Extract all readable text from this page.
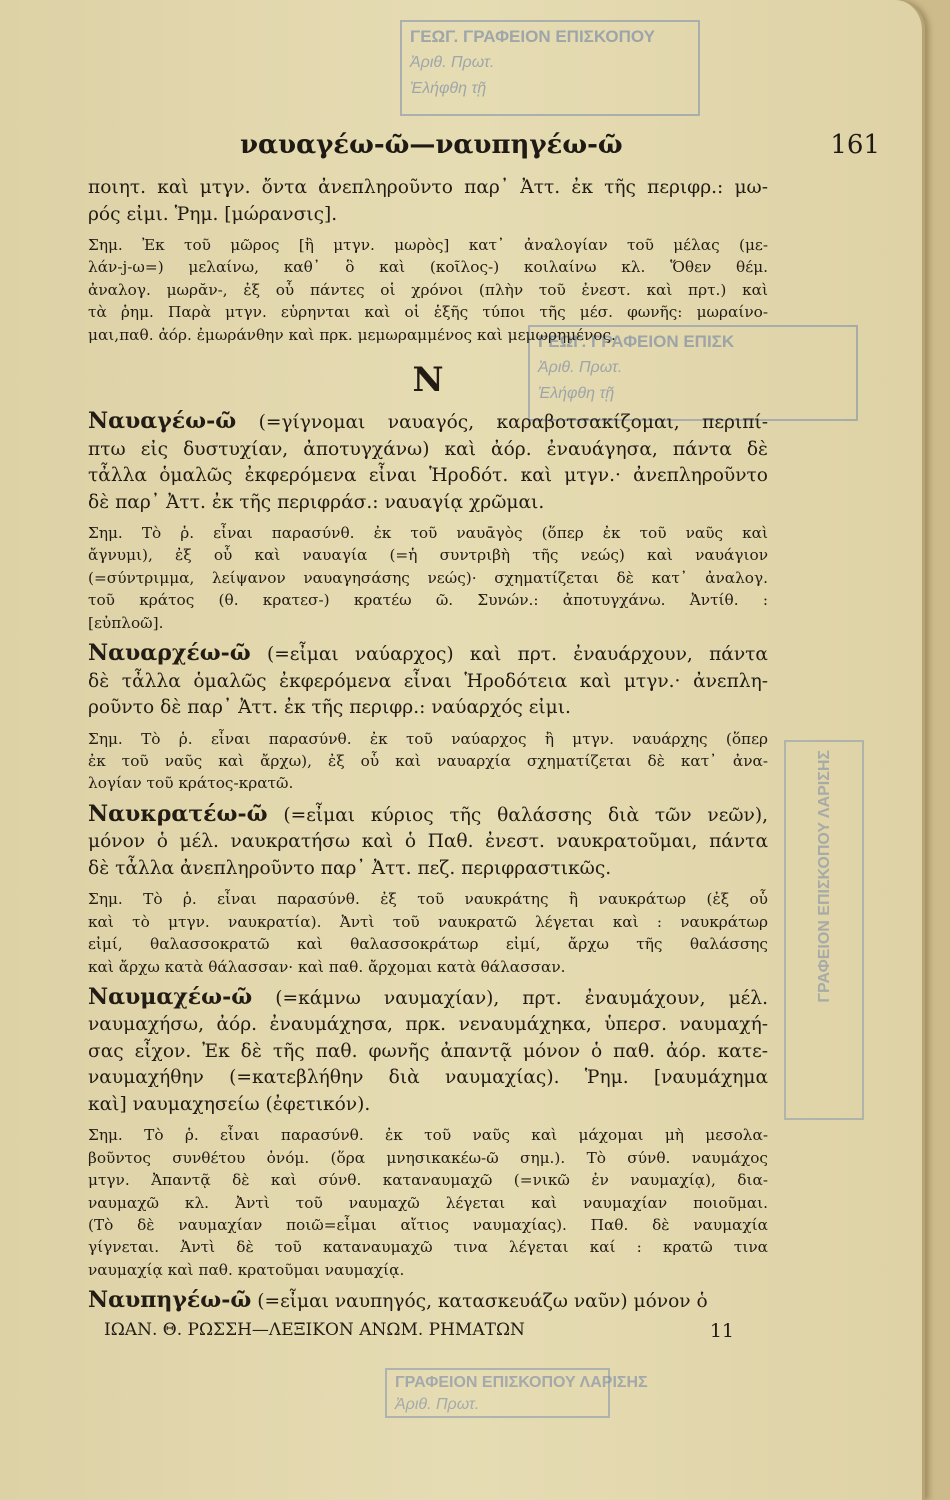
ΓΕΩΓ. ΓΡΑΦΕΙΟΝ ΕΠΙΣΚΟΠΟΥ
Ἀριθ. Πρωτ.
Ἐλήφθη τῇ
ΓΕΩΓ. ΓΡΑΦΕΙΟΝ ΕΠΙΣΚ
Ἀριθ. Πρωτ.
Ἐλήφθη τῇ
ΓΡΑΦΕΙΟΝ ΕΠΙΣΚΟΠΟΥ ΛΑΡΙΣΗΣ
ναυαγέω-ῶ—ναυπηγέω-ῶ	161

ποιητ. καὶ μτγν. ὄντα ἀνεπληροῦντο παρ᾿ Ἀττ. ἐκ τῆς περιφρ.: μω-

ρός εἰμι. Ῥημ. [μώρανσις].

Σημ. Ἐκ τοῦ μῶρος [ἢ μτγν. μωρὸς] κατ᾿ ἀναλογίαν τοῦ μέλας (με-

λάν-j-ω=) μελαίνω, καθ᾿ ὃ καὶ (κοῖλος-) κοιλαίνω κλ. Ὅθεν θέμ.

ἀναλογ. μωρᾰν-, ἐξ οὗ πάντες οἱ χρόνοι (πλὴν τοῦ ἐνεστ. καὶ πρτ.) καὶ

τὰ ῥημ. Παρὰ μτγν. εὑρηνται καὶ οἱ ἑξῆς τύποι τῆς μέσ. φωνῆς: μωραίνο-

μαι,παθ. ἀόρ. ἐμωράνθην καὶ πρκ. μεμωραμμένος καὶ μεμωρημένος.

Ν

Ναυαγέω-ῶ (=γίγνομαι ναυαγός, καραβοτσακίζομαι, περιπί-

πτω εἰς δυστυχίαν, ἀποτυγχάνω) καὶ ἀόρ. ἐναυάγησα, πάντα δὲ

τἆλλα ὁμαλῶς ἐκφερόμενα εἶναι Ἡροδότ. καὶ μτγν.· ἀνεπληροῦντο

δὲ παρ᾿ Ἀττ. ἐκ τῆς περιφράσ.: ναυαγίᾳ χρῶμαι.

Σημ. Τὸ ῥ. εἶναι παρασύνθ. ἐκ τοῦ ναυᾱγὸς (ὅπερ ἐκ τοῦ ναῦς καὶ

ἄγνυμι), ἐξ οὗ καὶ ναυαγία (=ἡ συντριβὴ τῆς νεώς) καὶ ναυάγιον

(=σύντριμμα, λείψανον ναυαγησάσης νεώς)· σχηματίζεται δὲ κατ᾿ ἀναλογ.

τοῦ κράτος (θ. κρατεσ-) κρατέω ῶ. Συνών.: ἀποτυγχάνω. Ἀντίθ. :

[εὐπλοῶ].

Ναυαρχέω-ῶ (=εἶμαι ναύαρχος) καὶ πρτ. ἐναυάρχουν, πάντα

δὲ τἆλλα ὁμαλῶς ἐκφερόμενα εἶναι Ἡροδότεια καὶ μτγν.· ἀνεπλη-

ροῦντο δὲ παρ᾿ Ἀττ. ἐκ τῆς περιφρ.: ναύαρχός εἰμι.

Σημ. Τὸ ῥ. εἶναι παρασύνθ. ἐκ τοῦ ναύαρχος ἢ μτγν. ναυάρχης (ὅπερ

ἐκ τοῦ ναῦς καὶ ἄρχω), ἐξ οὗ καὶ ναυαρχία σχηματίζεται δὲ κατ᾿ ἀνα-

λογίαν τοῦ κράτος-κρατῶ.

Ναυκρατέω-ῶ (=εἶμαι κύριος τῆς θαλάσσης διὰ τῶν νεῶν),

μόνον ὁ μέλ. ναυκρατήσω καὶ ὁ Παθ. ἐνεστ. ναυκρατοῦμαι, πάντα

δὲ τἆλλα ἀνεπληροῦντο παρ᾿ Ἀττ. πεζ. περιφραστικῶς.

Σημ. Τὸ ῥ. εἶναι παρασύνθ. ἐξ τοῦ ναυκράτης ἢ ναυκράτωρ (ἐξ οὗ

καὶ τὸ μτγν. ναυκρατία). Ἀντὶ τοῦ ναυκρατῶ λέγεται καὶ : ναυκράτωρ

εἰμί, θαλασσοκρατῶ καὶ θαλασσοκράτωρ εἰμί, ἄρχω τῆς θαλάσσης

καὶ ἄρχω κατὰ θάλασσαν· καὶ παθ. ἄρχομαι κατὰ θάλασσαν.

Ναυμαχέω-ῶ (=κάμνω ναυμαχίαν), πρτ. ἐναυμάχουν, μέλ.

ναυμαχήσω, ἀόρ. ἐναυμάχησα, πρκ. νεναυμάχηκα, ὑπερσ. ναυμαχή-

σας εἶχον. Ἐκ δὲ τῆς παθ. φωνῆς ἀπαντᾷ μόνον ὁ παθ. ἀόρ. κατε-

ναυμαχήθην (=κατεβλήθην διὰ ναυμαχίας). Ῥημ. [ναυμάχημα

καὶ] ναυμαχησείω (ἐφετικόν).

Σημ. Τὸ ῥ. εἶναι παρασύνθ. ἐκ τοῦ ναῦς καὶ μάχομαι μὴ μεσολα-

βοῦντος συνθέτου ὀνόμ. (ὅρα μνησικακέω-ῶ σημ.). Τὸ σύνθ. ναυμάχος

μτγν. Ἀπαντᾷ δὲ καὶ σύνθ. καταναυμαχῶ (=νικῶ ἐν ναυμαχίᾳ), δια-

ναυμαχῶ κλ. Ἀντὶ τοῦ ναυμαχῶ λέγεται καὶ ναυμαχίαν ποιοῦμαι.

(Τὸ δὲ ναυμαχίαν ποιῶ=εἶμαι αἴτιος ναυμαχίας). Παθ. δὲ ναυμαχία

γίγνεται. Ἀντὶ δὲ τοῦ καταναυμαχῶ τινα λέγεται καί : κρατῶ τινα

ναυμαχίᾳ καὶ παθ. κρατοῦμαι ναυμαχίᾳ.

Ναυπηγέω-ῶ (=εἶμαι ναυπηγός, κατασκευάζω ναῦν) μόνον ὁ

ΙΩΑΝ. Θ. ΡΩΣΣΗ—ΛΕΞΙΚΟΝ ΑΝΩΜ. ΡΗΜΑΤΩΝ	11
ΓΡΑΦΕΙΟΝ ΕΠΙΣΚΟΠΟΥ ΛΑΡΙΣΗΣ
Ἀριθ. Πρωτ.
